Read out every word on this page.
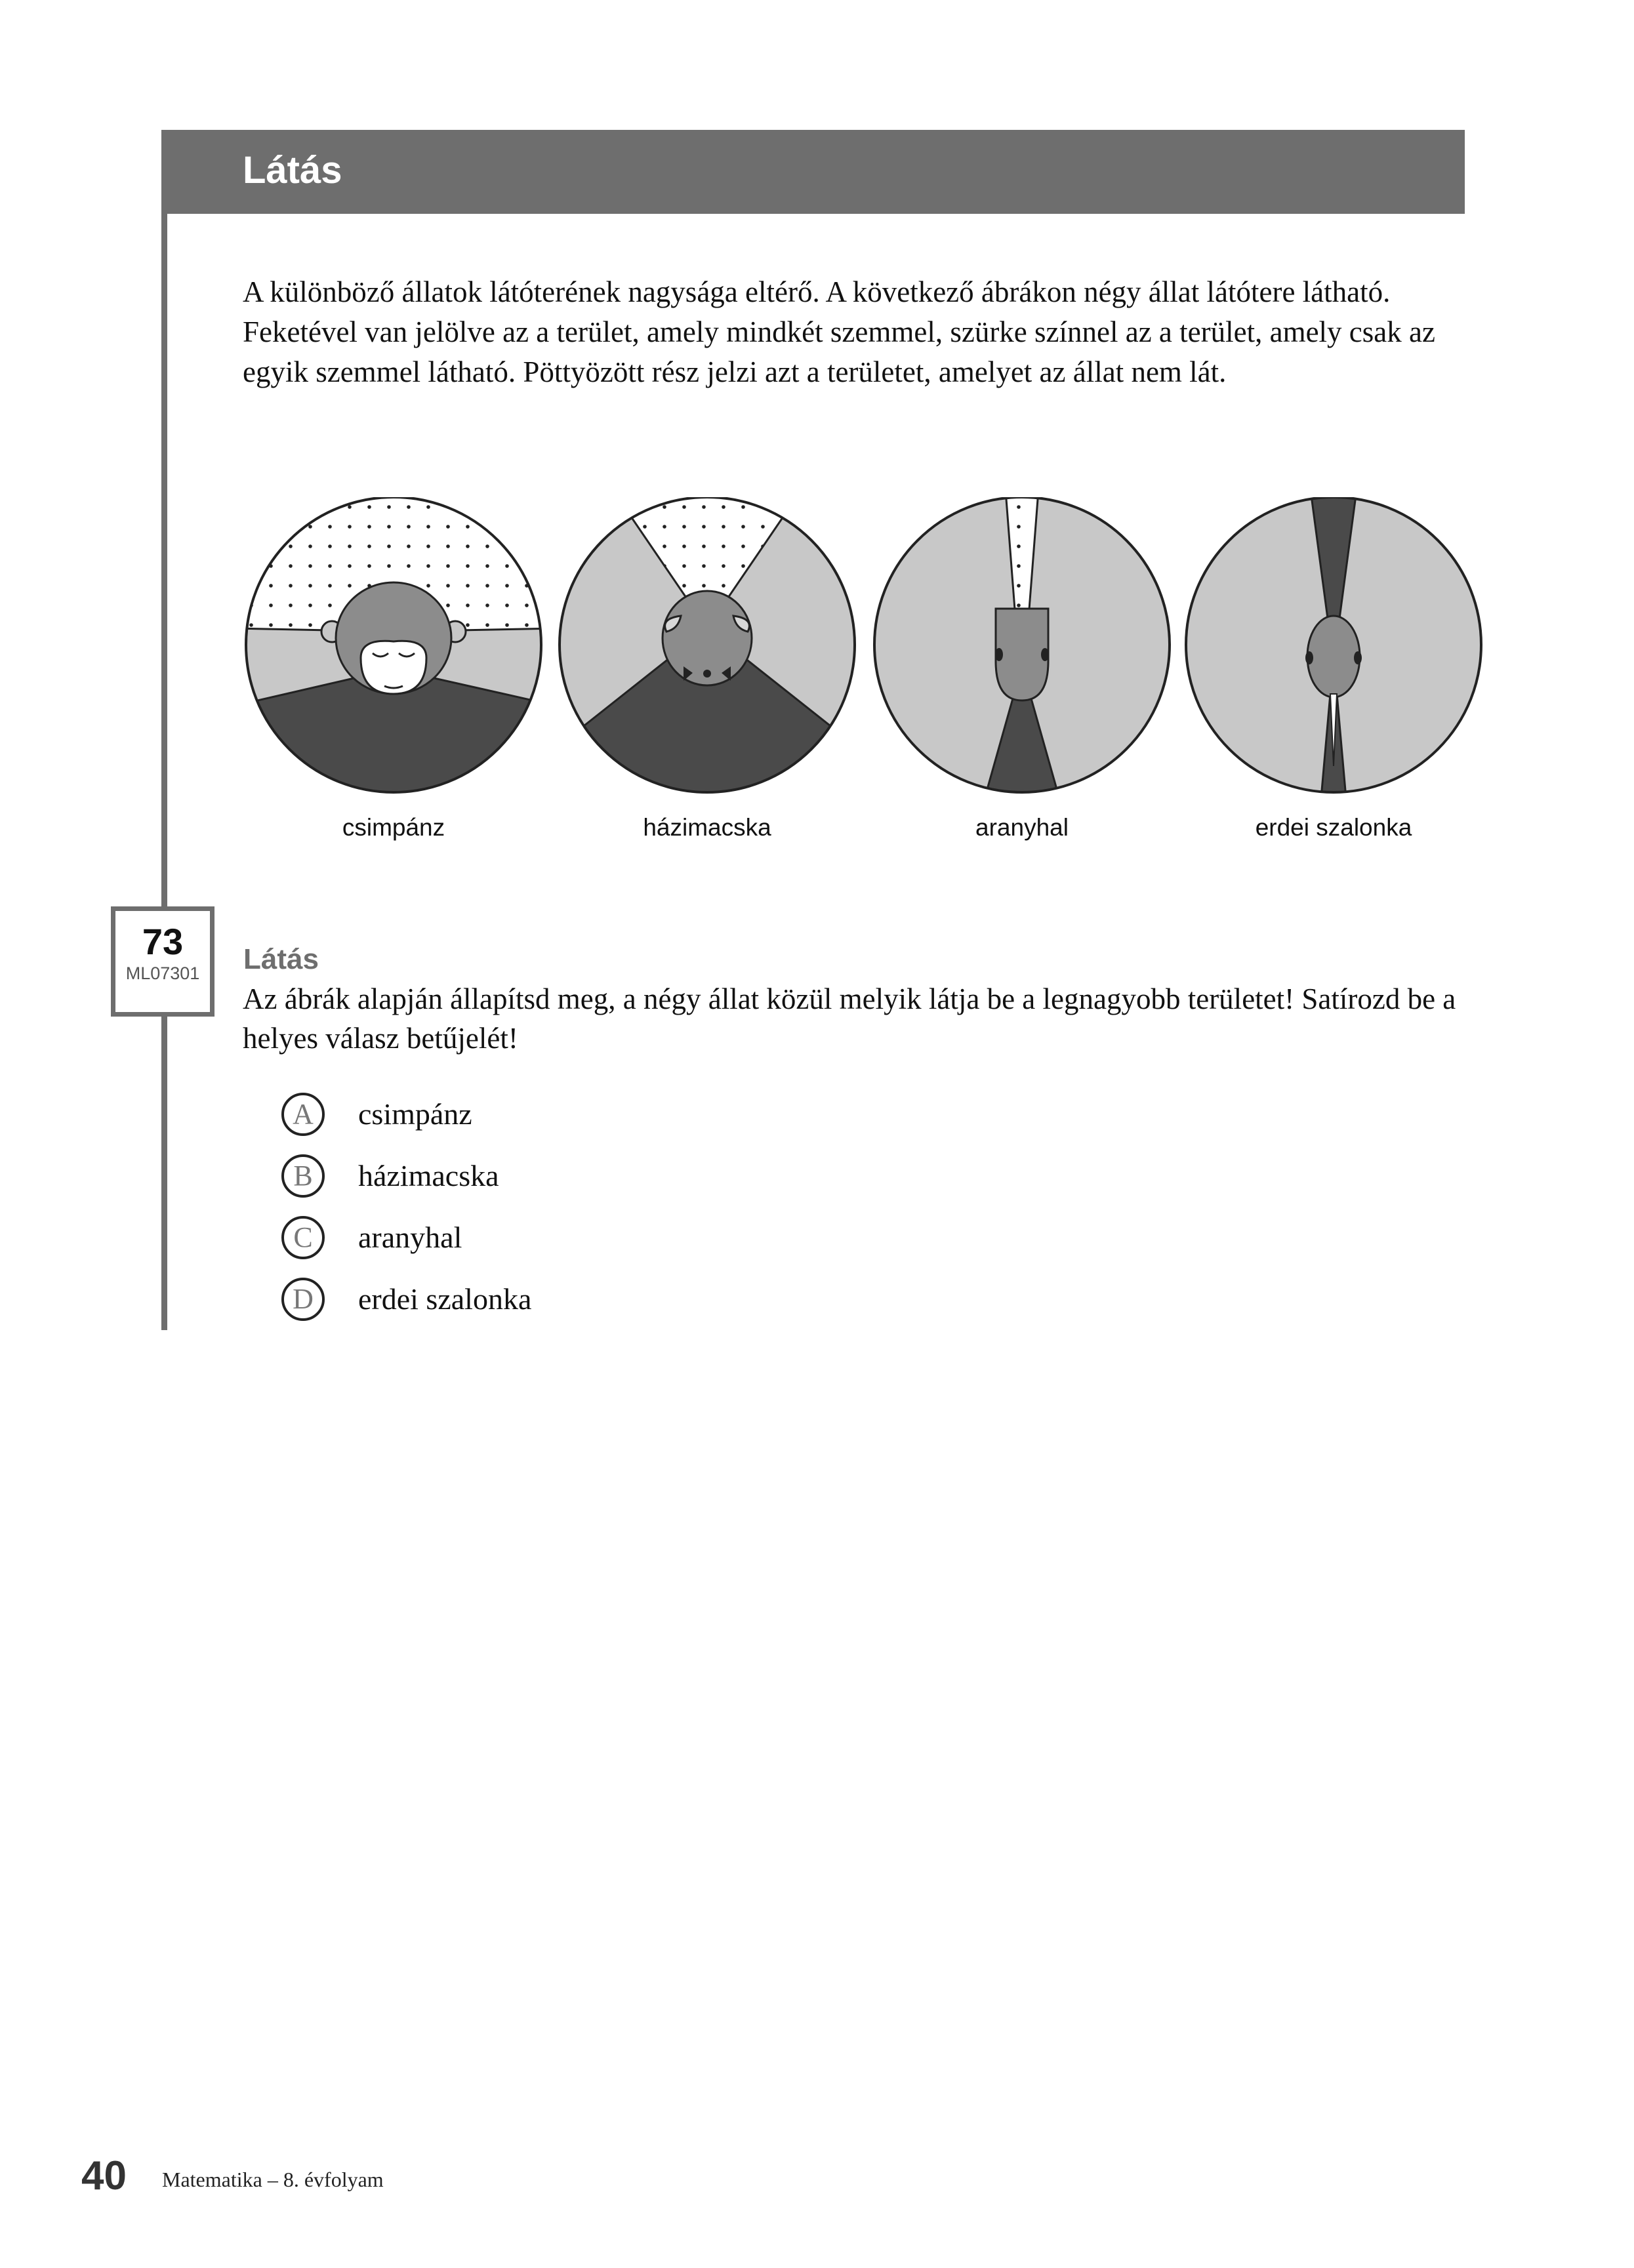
Látás
A különböző állatok látóterének nagysága eltérő. A következő ábrákon négy állat látótere látható. Feketével van jelölve az a terület, amely mindkét szemmel, szürke színnel az a terület, amely csak az egyik szemmel látható. Pöttyözött rész jelzi azt a területet, amelyet az állat nem lát.
csimpánz	házimacska	aranyhal	erdei szalonka
73
ML07301	Látás
Az ábrák alapján állapítsd meg, a négy állat közül melyik látja be a legnagyobb területet! Satírozd be a helyes válasz betűjelét!
A	csimpánz
B	házimacska
C	aranyhal
D	erdei szalonka
40 Matematika – 8. évfolyam
